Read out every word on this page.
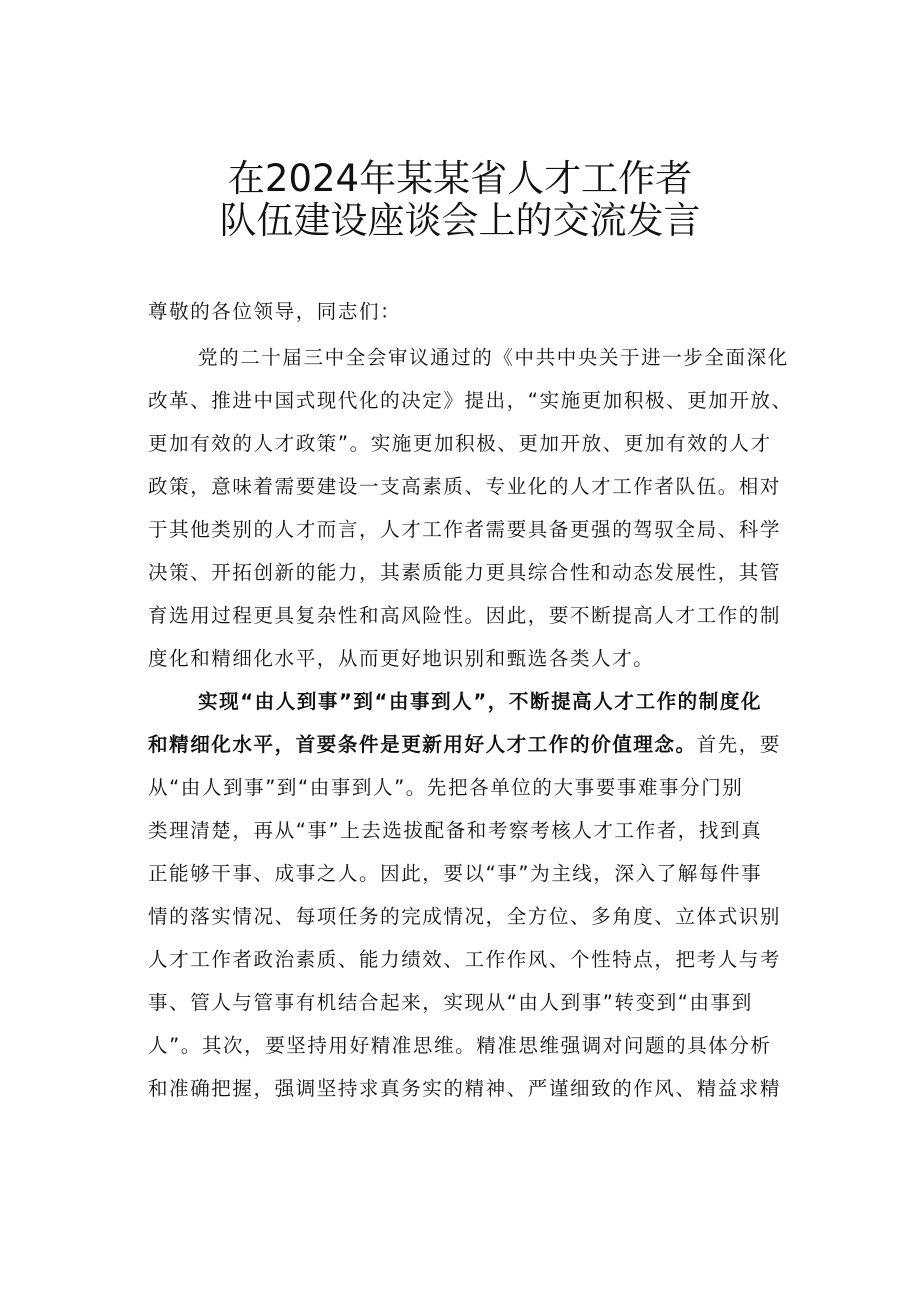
在2024年某某省人才工作者
队伍建设座谈会上的交流发言
尊敬的各位领导，同志们：
党的二十届三中全会审议通过的《中共中央关于进一步全面深化
改革、推进中国式现代化的决定》提出，“实施更加积极、更加开放、
更加有效的人才政策”。实施更加积极、更加开放、更加有效的人才
政策，意味着需要建设一支高素质、专业化的人才工作者队伍。相对
于其他类别的人才而言，人才工作者需要具备更强的驾驭全局、科学
决策、开拓创新的能力，其素质能力更具综合性和动态发展性，其管
育选用过程更具复杂性和高风险性。因此，要不断提高人才工作的制
度化和精细化水平，从而更好地识别和甄选各类人才。
实现“由人到事”到“由事到人”，不断提高人才工作的制度化
和精细化水平，首要条件是更新用好人才工作的价值理念。首先，要
从“由人到事”到“由事到人”。先把各单位的大事要事难事分门别
类理清楚，再从“事”上去选拔配备和考察考核人才工作者，找到真
正能够干事、成事之人。因此，要以“事”为主线，深入了解每件事
情的落实情况、每项任务的完成情况，全方位、多角度、立体式识别
人才工作者政治素质、能力绩效、工作作风、个性特点，把考人与考
事、管人与管事有机结合起来，实现从“由人到事”转变到“由事到
人”。其次，要坚持用好精准思维。精准思维强调对问题的具体分析
和准确把握，强调坚持求真务实的精神、严谨细致的作风、精益求精
